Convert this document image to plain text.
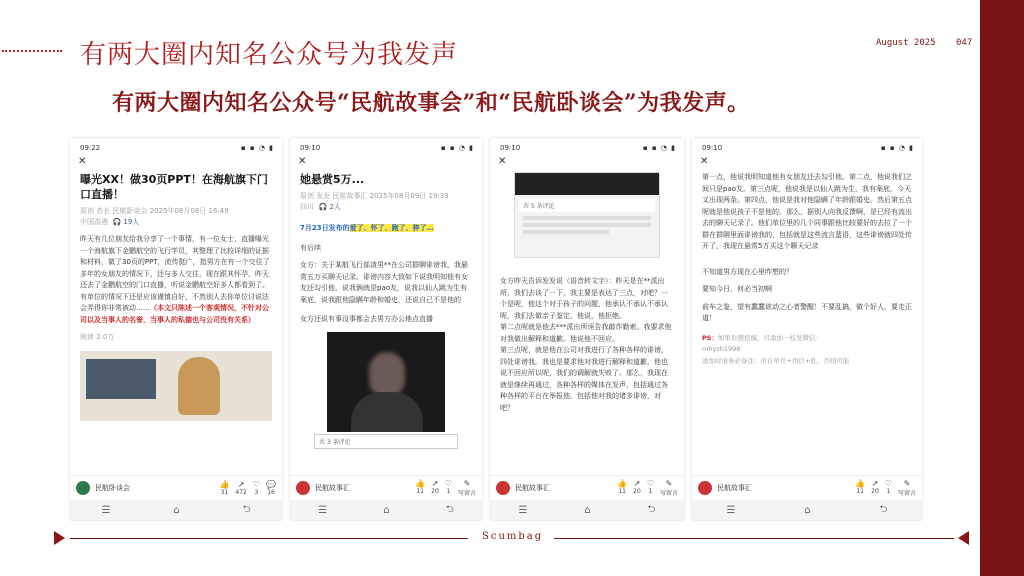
有两大圈内知名公众号为我发声
有两大圈内知名公众号“民航故事会”和“民航卧谈会”为我发声。
August 2025 047
09:22	▪ ▪ ◔ ▮
✕
曝光XX！做30页PPT！在海航旗下门口直播！
原创 杏长 民航卧谈会 2025年08月08日 16:49
中国香港 🎧 19人
昨天有几位朋友给我分享了一个事情，有一位女士，直播曝光一个海航旗下金鹏航空的飞行学员，其整理了比较详细的证据和材料，做了30页的PPT，流传挺广，指男方在有一个交往了多年的女朋友的情况下，还与多人交往，现在跟其怀孕，昨天还去了金鹏航空的门口直播，听说金鹏航空好多人都看到了。有单位的情况下还是应该谨慎自好，不然别人去你单位讨说法会弄得你非常被动……（本文只陈述一个客观情况，不针对公司以及当事人的名誉，当事人的私德也与公司没有关系）
阅读 2.0万
民航卧谈会	👍
31
↗
472
♡
3
💬
16
☰	⌂	⮌
09:10	▪ ▪ ◔ ▮
✕
她悬赏5万...
原创 发发 民航故事汇 2025年08月09日 19:39
四川 🎧 2人
7月23日发布的爱了、怀了、跑了、猝了…
有后续
女方：关于某航飞行部渣男**在公司群聊诽谤我，我悬赏五万买聊天记录。诽谤内容大致如下说我明知他有女友还勾引他，说我俩就是pao友，说我以仙人跳为生有案底，说我跟他隐瞒年龄和婚史，还说自己不是他的
女方还说有事没事都会去男方办公地点直播
共 3 条评论
民航故事汇	👍
11
↗
20
♡
1
✎
写留言
☰	⌂	⮌
09:10	▪ ▪ ◔ ▮
✕
共 5 条评论
女方昨天告诉发发说（语音转文字）：昨天是在**派出所，我们去谈了一下，我主要是表达了三点，对吧？一个是呢，他这个对于孩子的问题，他承认不承认不承认呢，我们去做亲子鉴定。他说，他拒绝。
第二点呢就是他去***派出所诬告我敲诈勒索。我要求他对我做出解释和道歉。他说他不回应。
第三点呢，就是他在公司对我进行了各种各样的诽谤，四处诽谤我。我也是要求他对我进行解释和道歉，他也说不回应所以呢，我们的调解就失败了。那么，我现在就是继续再通过，各种各样的媒体在发声，包括通过各种各样的平台在举报他。包括他对我的诸多诽谤，对吧？
民航故事汇	👍
11
↗
20
♡
1
✎
写留言
☰	⌂	⮌
09:10	▪ ▪ ◔ ▮
✕
第一点，他说我明知道他有女朋友还去勾引他。第二点，他说我们之间只是pao友。第三点呢，他说我是以仙人跳为生，我有案底，今天又出现两条。第四点，他说是我对他隐瞒了年龄跟婚史。然后第五点呢就是他说孩子不是他的。那么，据别人向我反馈啊，是已经有流出去的聊天记录了。他们单位里的几个同事跟他比较要好的去拉了一个群在群聊里面诽谤我的，包括就是这些流言蜚语，这些诽谤就四处传开了，我现在悬赏5万买这个聊天记录
不知道男方现在心里咋想的？
要知今日，何必当初啊
前车之鉴，望有蠢蠢欲动之心者警醒！不要乱搞，做个好人，要走正道！
PS：如果你想投稿，可添加一枝发微信：
mhyzh1998
添加时请务必备注：所在单位+岗位+姓，否则可能
民航故事汇	👍
11
↗
20
♡
1
✎
写留言
☰	⌂	⮌
Scumbag
